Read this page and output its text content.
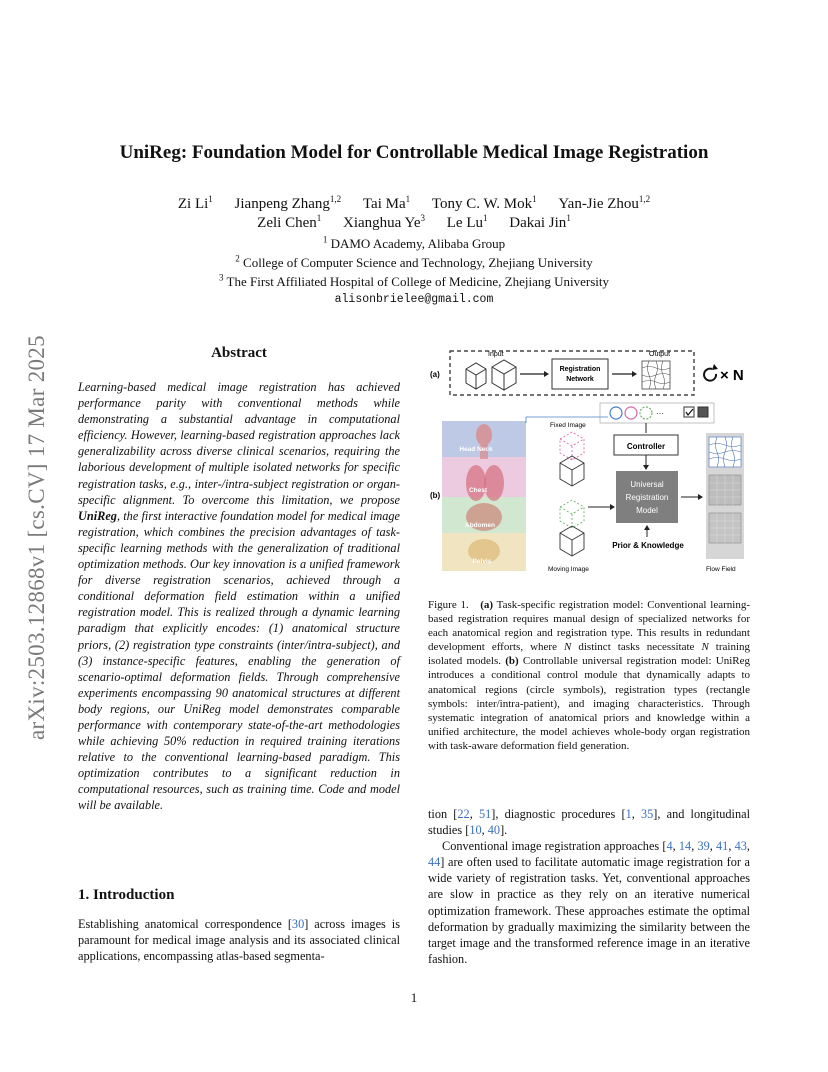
arXiv:2503.12868v1 [cs.CV] 17 Mar 2025
UniReg: Foundation Model for Controllable Medical Image Registration
Zi Li$^1$ Jianpeng Zhang$^{1,2}$ Tai Ma$^1$ Tony C. W. Mok$^1$ Yan-Jie Zhou$^{1,2}$
Zeli Chen$^1$ Xianghua Ye$^3$ Le Lu$^1$ Dakai Jin$^1$
$^1$ DAMO Academy, Alibaba Group
$^2$ College of Computer Science and Technology, Zhejiang University
$^3$ The First Affiliated Hospital of College of Medicine, Zhejiang University
alisonbrielee@gmail.com
Abstract
Learning-based medical image registration has achieved performance parity with conventional methods while demonstrating a substantial advantage in computational efficiency. However, learning-based registration approaches lack generalizability across diverse clinical scenarios, requiring the laborious development of multiple isolated networks for specific registration tasks, e.g., inter-/intra-subject registration or organ-specific alignment. To overcome this limitation, we propose UniReg, the first interactive foundation model for medical image registration, which combines the precision advantages of task-specific learning methods with the generalization of traditional optimization methods. Our key innovation is a unified framework for diverse registration scenarios, achieved through a conditional deformation field estimation within a unified registration model. This is realized through a dynamic learning paradigm that explicitly encodes: (1) anatomical structure priors, (2) registration type constraints (inter/intra-subject), and (3) instance-specific features, enabling the generation of scenario-optimal deformation fields. Through comprehensive experiments encompassing 90 anatomical structures at different body regions, our UniReg model demonstrates comparable performance with contemporary state-of-the-art methodologies while achieving 50% reduction in required training iterations relative to the conventional learning-based paradigm. This optimization contributes to a significant reduction in computational resources, such as training time. Code and model will be available.
1. Introduction
Establishing anatomical correspondence [30] across images is paramount for medical image analysis and its associated clinical applications, encompassing atlas-based segmenta-
(a)
Input
Registration
Network
Output
× N
(b)
Head Neck
Chest
Abdomen
Pelvis
Fixed Image
Moving Image
···
Controller
Universal
Registration
Model
Prior & Knowledge
Flow Field
Figure 1. (a) Task-specific registration model: Conventional learning-based registration requires manual design of specialized networks for each anatomical region and registration type. This results in redundant development efforts, where N distinct tasks necessitate N training isolated models. (b) Controllable universal registration model: UniReg introduces a conditional control module that dynamically adapts to anatomical regions (circle symbols), registration types (rectangle symbols: inter/intra-patient), and imaging characteristics. Through systematic integration of anatomical priors and knowledge within a unified architecture, the model achieves whole-body organ registration with task-aware deformation field generation.
tion [22, 51], diagnostic procedures [1, 35], and longitudinal studies [10, 40].
Conventional image registration approaches [4, 14, 39, 41, 43, 44] are often used to facilitate automatic image registration for a wide variety of registration tasks. Yet, conventional approaches are slow in practice as they rely on an iterative numerical optimization framework. These approaches estimate the optimal deformation by gradually maximizing the similarity between the target image and the transformed reference image in an iterative fashion.
1
